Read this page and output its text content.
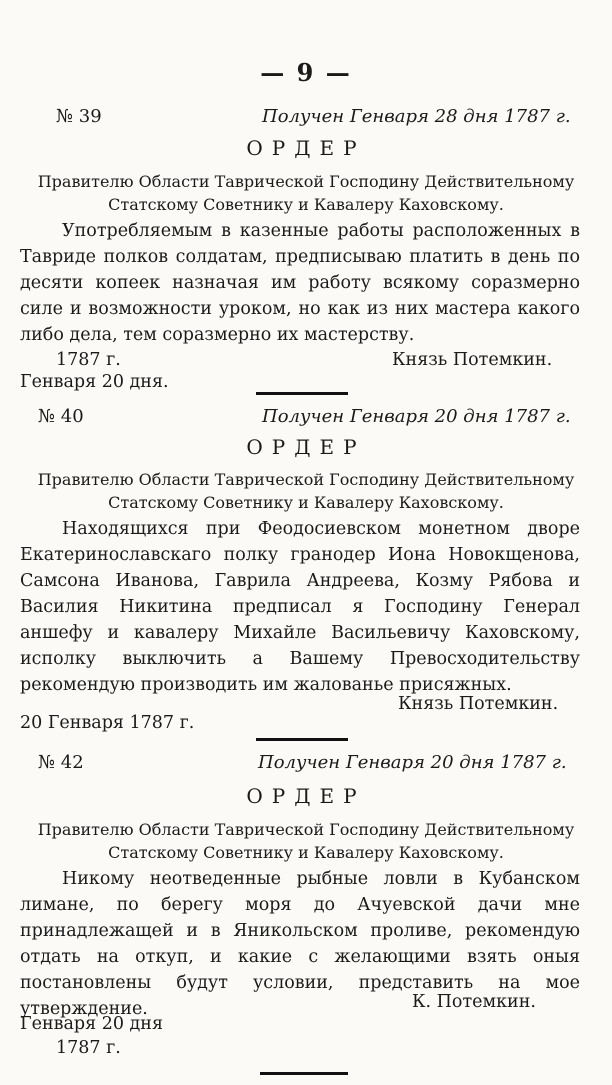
— 9 —
№ 39	Получен Генваря 28 дня 1787 г.
ОРДЕР
Правителю Области Таврической Господину Действительному
Статскому Советнику и Кавалеру Каховскому.

Употребляемым в казенные работы расположенных в Тавриде полков солдатам, предписываю платить в день по десяти копеек назначая им работу всякому соразмерно силе и возможности уроком, но как из них мастера какого либо дела, тем соразмерно их мастерству.

1787 г.	Князь Потемкин.
Генваря 20 дня.
№ 40	Получен Генваря 20 дня 1787 г.
ОРДЕР
Правителю Области Таврической Господину Действительному
Статскому Советнику и Кавалеру Каховскому.

Находящихся при Феодосиевском монетном дворе Екатеринославскаго полку гранодер Иона Новокщенова, Самсона Иванова, Гаврила Андреева, Козму Рябова и Василия Никитина предписал я Господину Генерал аншефу и кавалеру Михайле Васильевичу Каховскому, исполку выключить а Вашему Превосходительству рекомендую производить им жалованье присяжных.

Князь Потемкин.
20 Генваря 1787 г.
№ 42	Получен Генваря 20 дня 1787 г.
ОРДЕР
Правителю Области Таврической Господину Действительному
Статскому Советнику и Кавалеру Каховскому.

Никому неотведенные рыбные ловли в Кубанском лимане, по берегу моря до Ачуевской дачи мне принадлежащей и в Яникольском проливе, рекомендую отдать на откуп, и какие с желающими взять оныя постановлены будут условии, представить на мое утверждение.	К. Потемкин.
Генваря 20 дня
1787 г.
